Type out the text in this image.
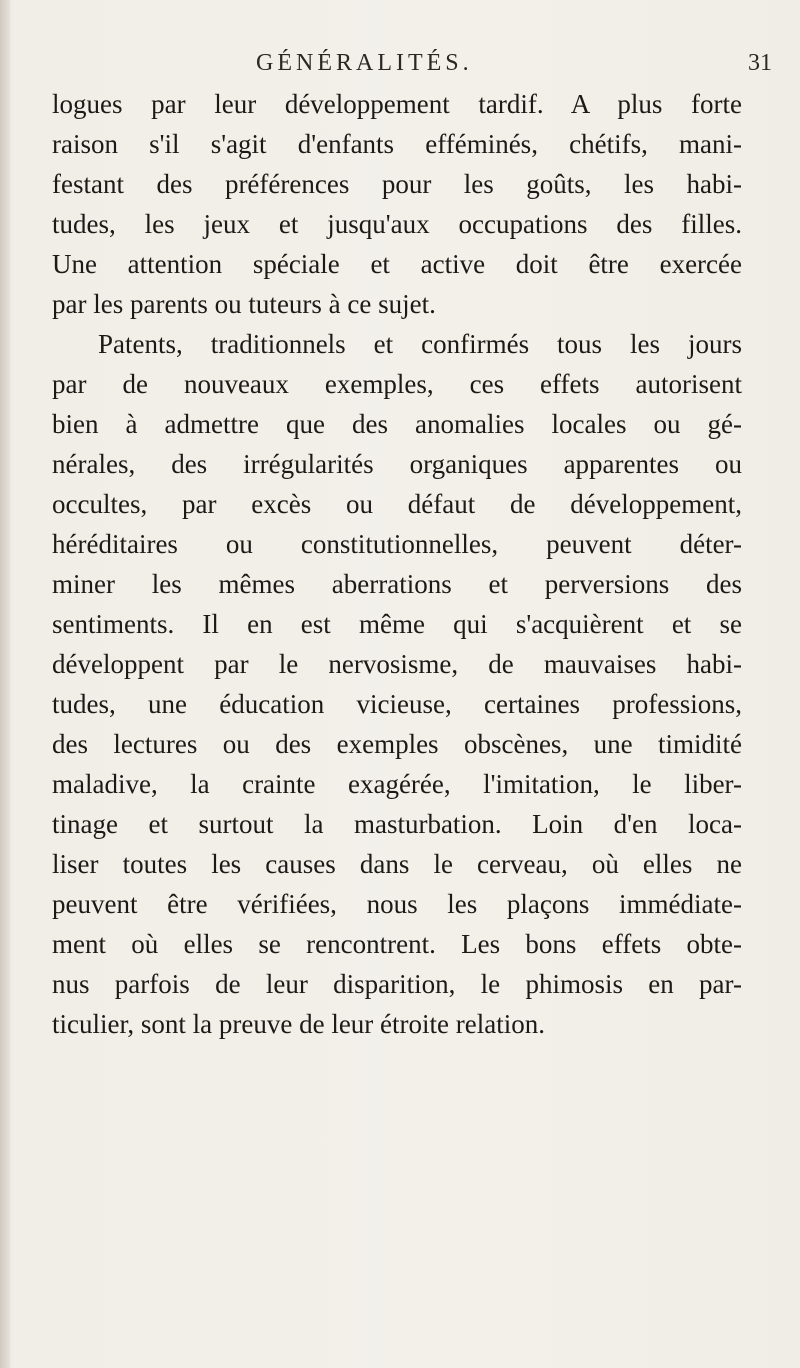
GÉNÉRALITÉS.	31
logues par leur développement tardif. A plus forte
raison s'il s'agit d'enfants efféminés, chétifs, mani-
festant des préférences pour les goûts, les habi-
tudes, les jeux et jusqu'aux occupations des filles.
Une attention spéciale et active doit être exercée
par les parents ou tuteurs à ce sujet.
Patents, traditionnels et confirmés tous les jours
par de nouveaux exemples, ces effets autorisent
bien à admettre que des anomalies locales ou gé-
nérales, des irrégularités organiques apparentes ou
occultes, par excès ou défaut de développement,
héréditaires ou constitutionnelles, peuvent déter-
miner les mêmes aberrations et perversions des
sentiments. Il en est même qui s'acquièrent et se
développent par le nervosisme, de mauvaises habi-
tudes, une éducation vicieuse, certaines professions,
des lectures ou des exemples obscènes, une timidité
maladive, la crainte exagérée, l'imitation, le liber-
tinage et surtout la masturbation. Loin d'en loca-
liser toutes les causes dans le cerveau, où elles ne
peuvent être vérifiées, nous les plaçons immédiate-
ment où elles se rencontrent. Les bons effets obte-
nus parfois de leur disparition, le phimosis en par-
ticulier, sont la preuve de leur étroite relation.
